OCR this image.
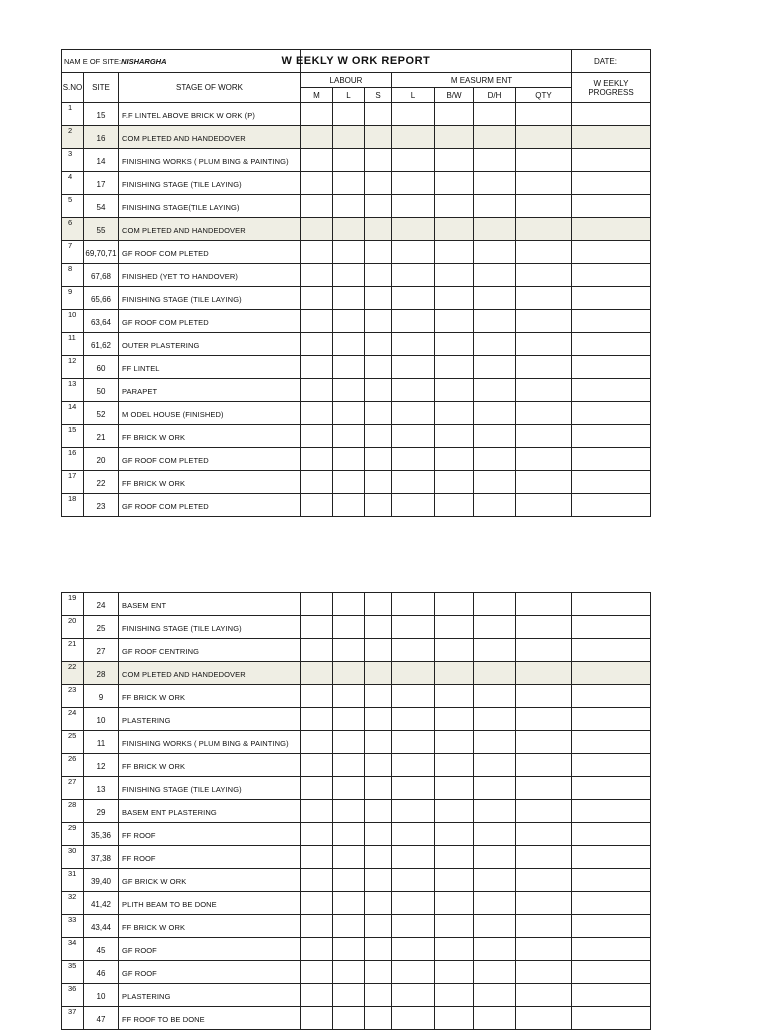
NAM E OF SITE:NISHARGHA W EEKLY W ORK REPORT										DATE:
S.NO	SITE	STAGE OF WORK	LABOUR			M EASURM ENT				W EEKLY
PROGRESS

			M	L	S	L	B/W	D/H	QTY	
1	15	F.F LINTEL ABOVE BRICK W ORK (P)								
2	16	COM PLETED AND HANDEDOVER								
3	14	FINISHING WORKS ( PLUM BING & PAINTING)								
4	17	FINISHING STAGE (TILE LAYING)								
5	54	FINISHING STAGE(TILE LAYING)								
6	55	COM PLETED AND HANDEDOVER								
7	69,70,71	GF ROOF COM PLETED								
8	67,68	FINISHED (YET TO HANDOVER)								
9	65,66	FINISHING STAGE (TILE LAYING)								
10	63,64	GF ROOF COM PLETED								
11	61,62	OUTER PLASTERING								
12	60	FF LINTEL								
13	50	PARAPET								
14	52	M ODEL HOUSE (FINISHED)								
15	21	FF BRICK W ORK								
16	20	GF ROOF COM PLETED								
17	22	FF BRICK W ORK								
18	23	GF ROOF COM PLETED								
19	24	BASEM ENT								
20	25	FINISHING STAGE (TILE LAYING)								
21	27	GF ROOF CENTRING								
22	28	COM PLETED AND HANDEDOVER								
23	9	FF BRICK W ORK								
24	10	PLASTERING								
25	11	FINISHING WORKS ( PLUM BING & PAINTING)								
26	12	FF BRICK W ORK								
27	13	FINISHING STAGE (TILE LAYING)								
28	29	BASEM ENT PLASTERING								
29	35,36	FF ROOF								
30	37,38	FF ROOF								
31	39,40	GF BRICK W ORK								
32	41,42	PLITH BEAM TO BE DONE								
33	43,44	FF BRICK W ORK								
34	45	GF ROOF								
35	46	GF ROOF								
36	10	PLASTERING								
37	47	FF ROOF TO BE DONE								
